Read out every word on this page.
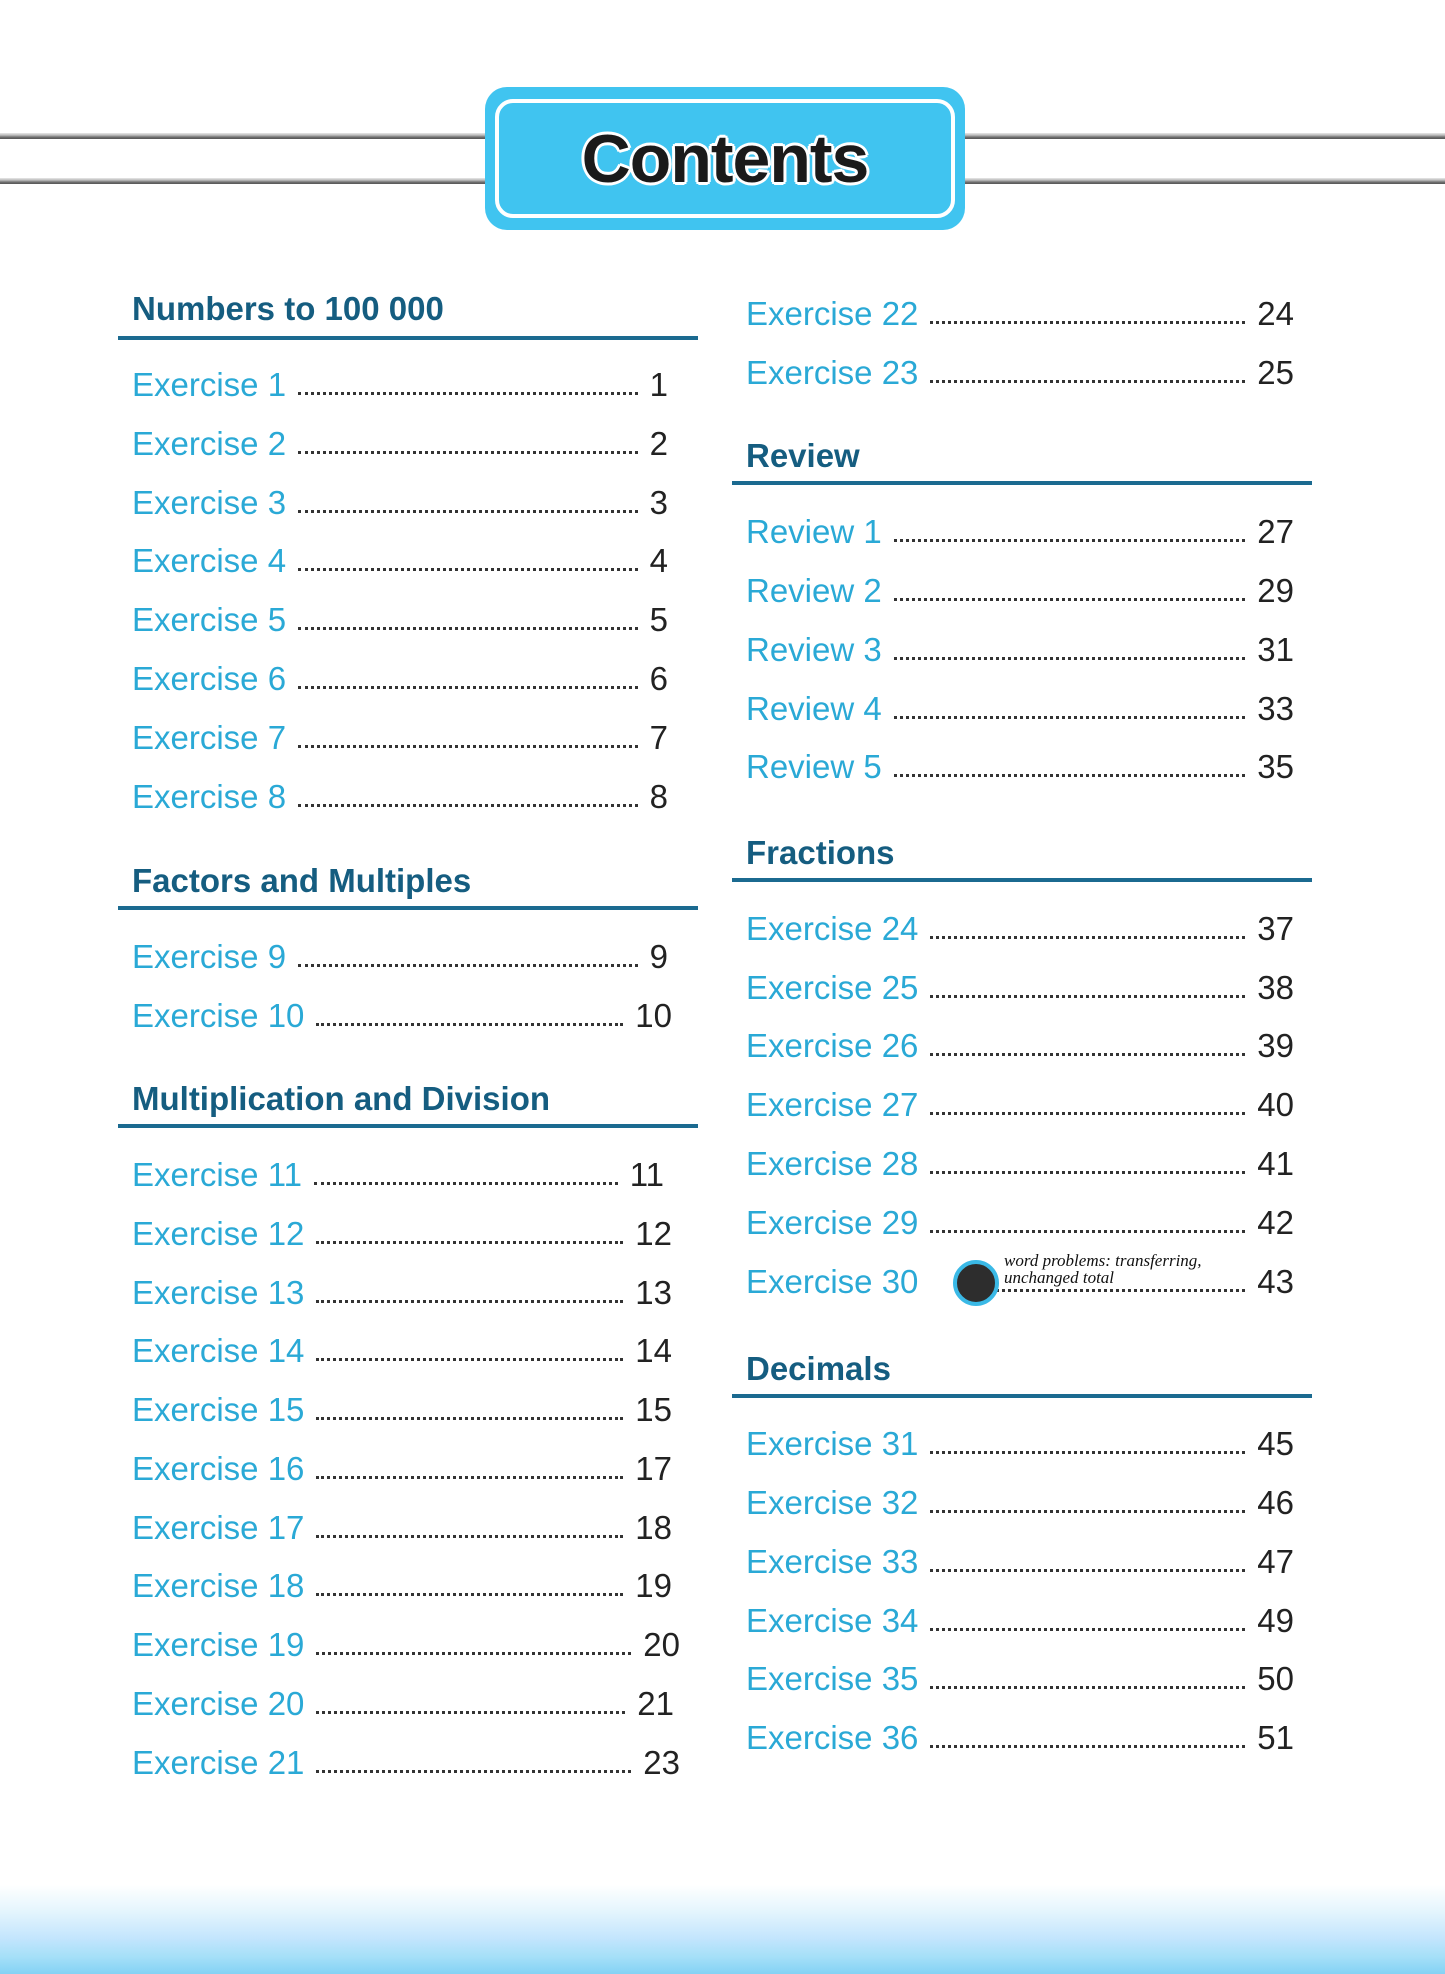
Contents
Numbers to 100 000
Exercise 1	1
Exercise 2	2
Exercise 3	3
Exercise 4	4
Exercise 5	5
Exercise 6	6
Exercise 7	7
Exercise 8	8
Factors and Multiples
Exercise 9	9
Exercise 10	10
Multiplication and Division
Exercise 11	11
Exercise 12	12
Exercise 13	13
Exercise 14	14
Exercise 15	15
Exercise 16	17
Exercise 17	18
Exercise 18	19
Exercise 19	20
Exercise 20	21
Exercise 21	23
Exercise 22	24
Exercise 23	25
Review
Review 1	27
Review 2	29
Review 3	31
Review 4	33
Review 5	35
Fractions
Exercise 24	37
Exercise 25	38
Exercise 26	39
Exercise 27	40
Exercise 28	41
Exercise 29	42
Exercise 30	43
word problems: transferring,
unchanged total
Decimals
Exercise 31	45
Exercise 32	46
Exercise 33	47
Exercise 34	49
Exercise 35	50
Exercise 36	51
